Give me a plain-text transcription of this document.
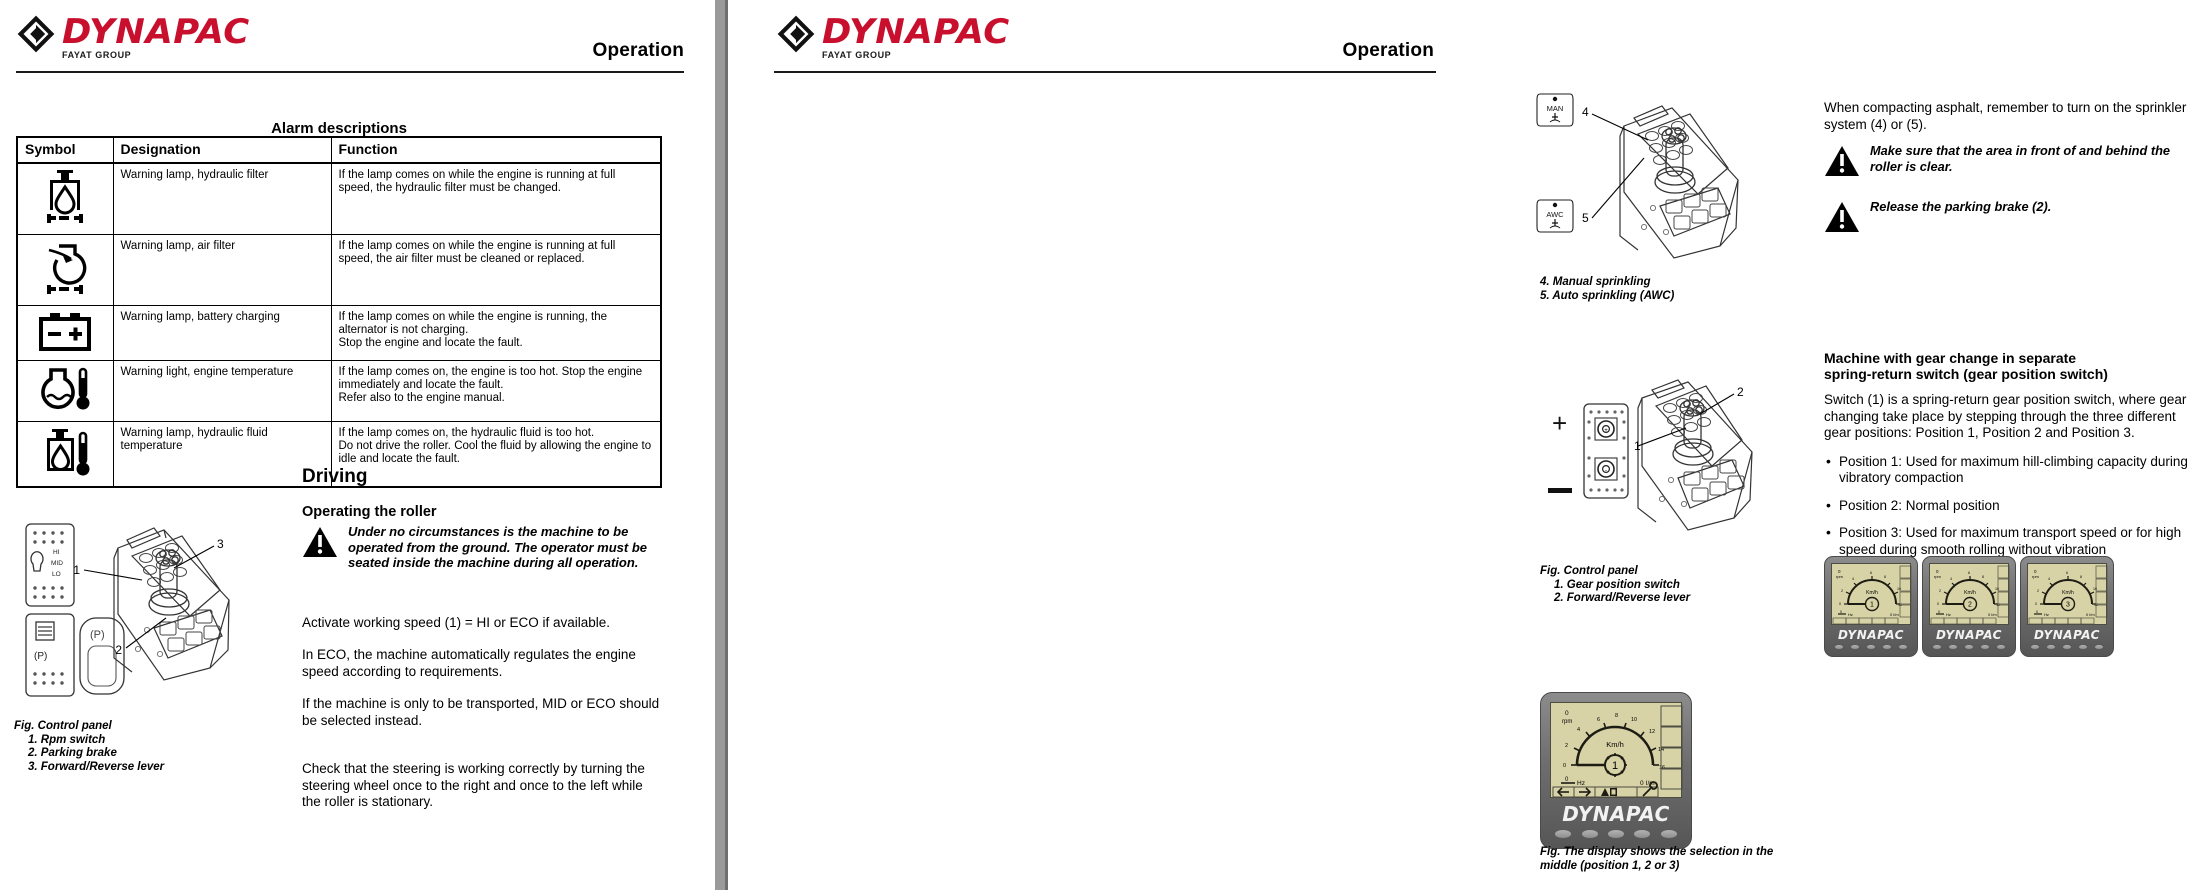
DYNAPAC
FAYAT GROUP	Operation
Alarm descriptions
Symbol	Designation	Function

	Warning lamp, hydraulic filter	If the lamp comes on while the engine is running at full speed, the hydraulic filter must be changed.

	Warning lamp, air filter	If the lamp comes on while the engine is running at full speed, the air filter must be cleaned or replaced.

	Warning lamp, battery charging	If the lamp comes on while the engine is running, the alternator is not charging.
Stop the engine and locate the fault.

	Warning light, engine temperature	If the lamp comes on, the engine is too hot. Stop the engine immediately and locate the fault.
Refer also to the engine manual.

	Warning lamp, hydraulic fluid temperature	If the lamp comes on, the hydraulic fluid is too hot.
Do not drive the roller. Cool the fluid by allowing the engine to idle and locate the fault.
Driving
Operating the roller
Under no circumstances is the machine to be operated from the ground. The operator must be seated inside the machine during all operation.

Activate working speed (1) = HI or ECO if available.

In ECO, the machine automatically regulates the engine speed according to requirements.

If the machine is only to be transported, MID or ECO should be selected instead.

Check that the steering is working correctly by turning the steering wheel once to the right and once to the left while the roller is stationary.

HI
MID
LO
(P)
(P)
1
2
3
Fig. Control panel
1. Rpm switch
2. Parking brake
3. Forward/Reverse lever
DYNAPAC
FAYAT GROUP	Operation
MAN 4
AWC 5
4. Manual sprinkling
5. Auto sprinkling (AWC)

When compacting asphalt, remember to turn on the sprinkler system (4) or (5).

Make sure that the area in front of and behind the roller is clear.
Release the parking brake (2).
+	+
-
1
2
Fig. Control panel
1. Gear position switch
2. Forward/Reverse lever
Machine with gear change in separate
spring-return switch (gear position switch)

Switch (1) is a spring-return gear position switch, where gear changing take place by stepping through the three different gear positions: Position 1, Position 2 and Position 3.

• Position 1: Used for maximum hill-climbing capacity during vibratory compaction
• Position 2: Normal position
• Position 3: Used for maximum transport speed or for high speed during smooth rolling without vibration
0
rpm
Km/h
0
2
4
6
8
10
12
1
0 Hz	0 l/m
DYNAPAC
0
rpm
Km/h
0
2
4
6
8
10
12
2
0 Hz	0 l/m
DYNAPAC
0
rpm
Km/h
0
2
4
6
8
10
12
3
0 Hz	0 l/m
DYNAPAC
0
rpm
Km/h
0
2
4
6
8
10
12
14
16
1
0 Hz	0 l/m
DYNAPAC
Fig. The display shows the selection in the middle (position 1, 2 or 3)
